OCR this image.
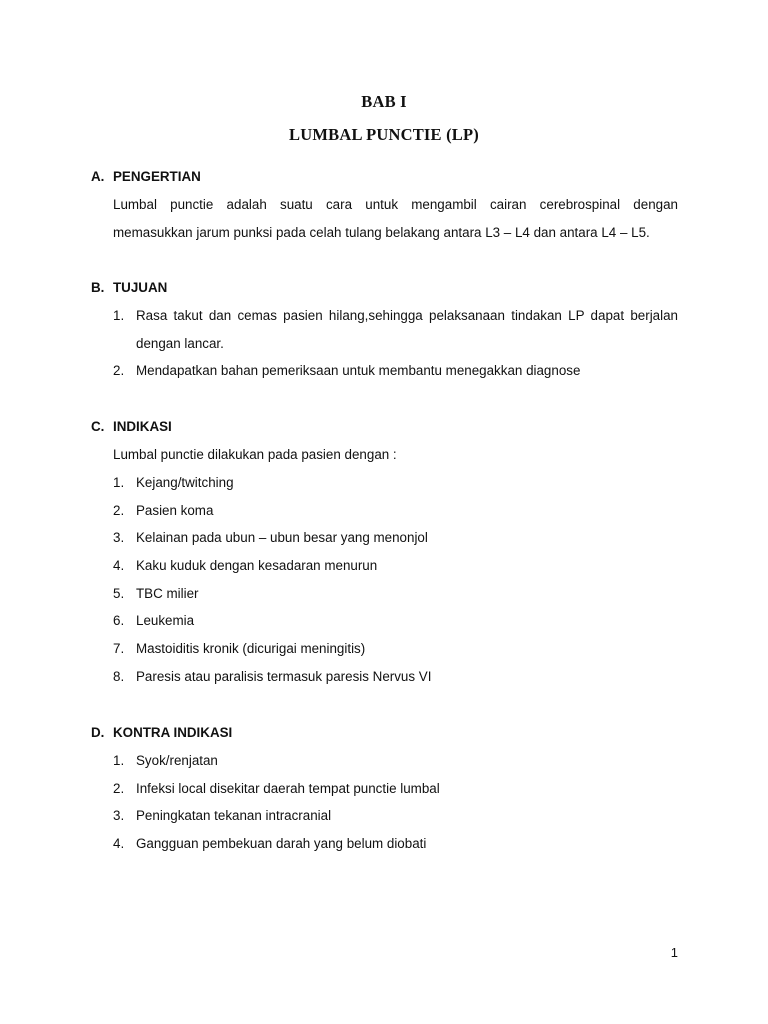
BAB I
LUMBAL PUNCTIE (LP)
A. PENGERTIAN
Lumbal punctie adalah suatu cara untuk mengambil cairan cerebrospinal dengan
memasukkan jarum punksi pada celah tulang belakang antara L3 – L4 dan antara L4 – L5.
B. TUJUAN
1. Rasa takut dan cemas pasien hilang,sehingga pelaksanaan tindakan LP dapat berjalan
dengan lancar.
2. Mendapatkan bahan pemeriksaan untuk membantu menegakkan diagnose
C. INDIKASI
Lumbal punctie dilakukan pada pasien dengan :
1. Kejang/twitching
2. Pasien koma
3. Kelainan pada ubun – ubun besar yang menonjol
4. Kaku kuduk dengan kesadaran menurun
5. TBC milier
6. Leukemia
7. Mastoiditis kronik (dicurigai meningitis)
8. Paresis atau paralisis termasuk paresis Nervus VI
D. KONTRA INDIKASI
1. Syok/renjatan
2. Infeksi local disekitar daerah tempat punctie lumbal
3. Peningkatan tekanan intracranial
4. Gangguan pembekuan darah yang belum diobati
1
